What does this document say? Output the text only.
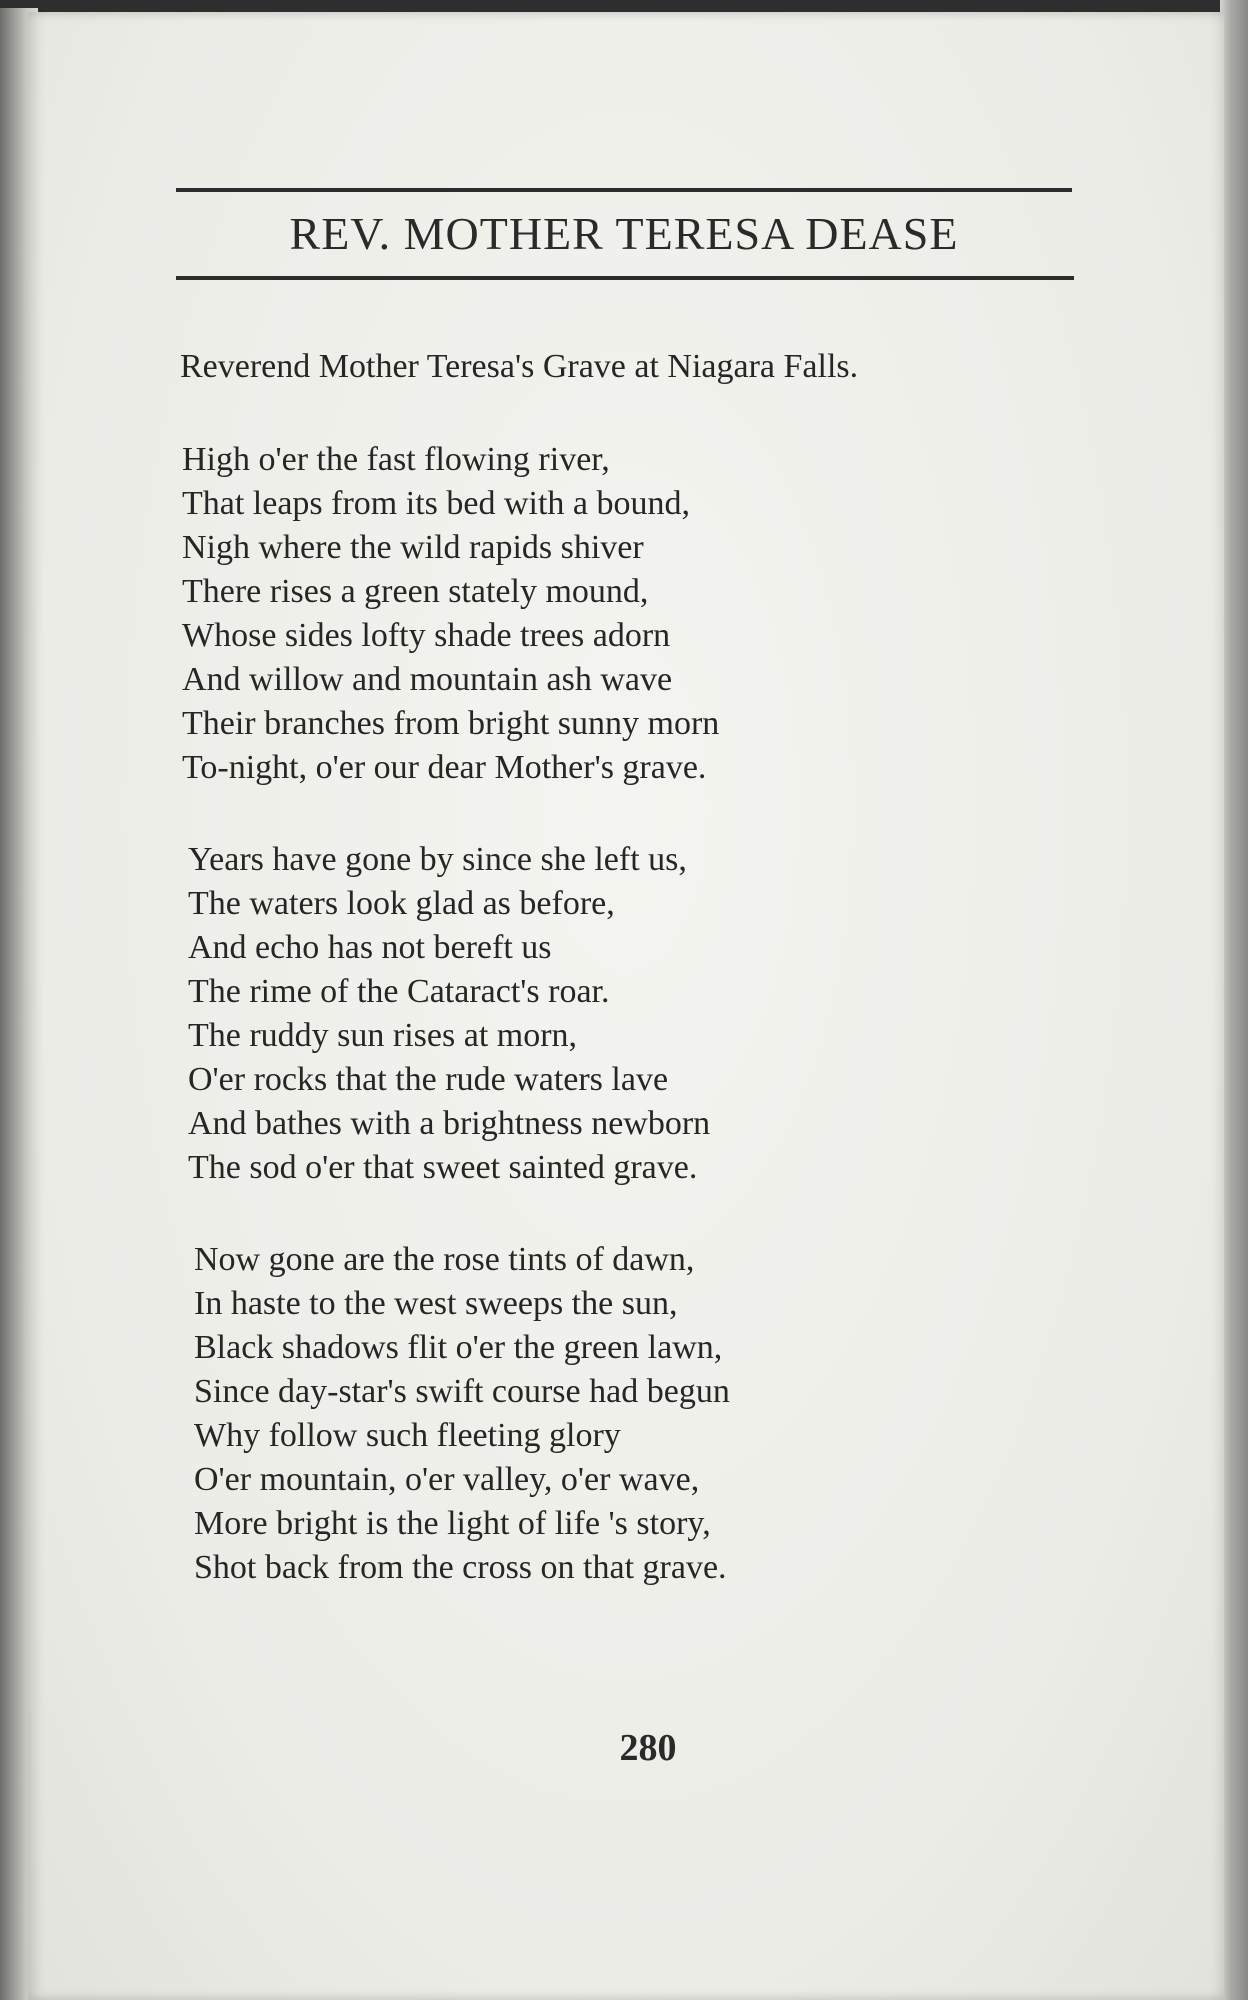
REV. MOTHER TERESA DEASE
Reverend Mother Teresa's Grave at Niagara Falls.
High o'er the fast flowing river,
That leaps from its bed with a bound,
Nigh where the wild rapids shiver
There rises a green stately mound,
Whose sides lofty shade trees adorn
And willow and mountain ash wave
Their branches from bright sunny morn
To-night, o'er our dear Mother's grave.
Years have gone by since she left us,
The waters look glad as before,
And echo has not bereft us
The rime of the Cataract's roar.
The ruddy sun rises at morn,
O'er rocks that the rude waters lave
And bathes with a brightness newborn
The sod o'er that sweet sainted grave.
Now gone are the rose tints of dawn,
In haste to the west sweeps the sun,
Black shadows flit o'er the green lawn,
Since day-star's swift course had begun
Why follow such fleeting glory
O'er mountain, o'er valley, o'er wave,
More bright is the light of life 's story,
Shot back from the cross on that grave.
280
